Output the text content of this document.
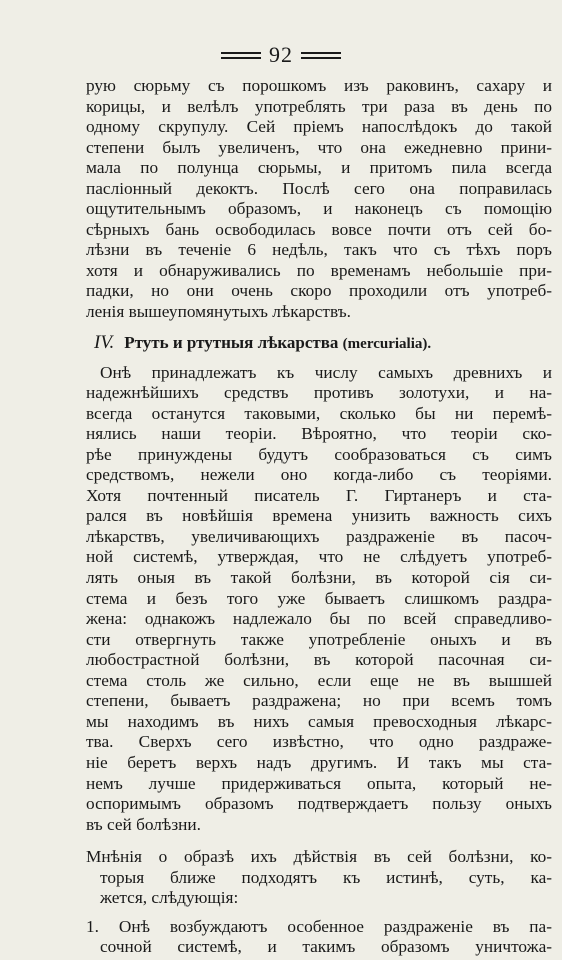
92
рую сюрьму съ порошкомъ изъ раковинъ, сахару и
корицы, и велѣлъ употреблять три раза въ день по
одному скрупулу. Сей пріемъ напослѣдокъ до такой
степени былъ увеличенъ, что она ежедневно прини-
мала по полунца сюрьмы, и притомъ пила всегда
пасліонный декоктъ. Послѣ сего она поправилась
ощутительнымъ образомъ, и наконецъ съ помощію
сѣрныхъ бань освободилась вовсе почти отъ сей бо-
лѣзни въ теченіе 6 недѣль, такъ что съ тѣхъ поръ
хотя и обнаруживались по временамъ небольшіе при-
падки, но они очень скоро проходили отъ употреб-
ленія вышеупомянутыхъ лѣкарствъ.
IV. Ртуть и ртутныя лѣкарства (mercurialia).
Онѣ принадлежатъ къ числу самыхъ древнихъ и
надежнѣйшихъ средствъ противъ золотухи, и на-
всегда останутся таковыми, сколько бы ни перемѣ-
нялись наши теоріи. Вѣроятно, что теоріи ско-
рѣе принуждены будутъ сообразоваться съ симъ
средствомъ, нежели оно когда-либо съ теоріями.
Хотя почтенный писатель Г. Гиртанеръ и ста-
рался въ новѣйшія времена унизить важность сихъ
лѣкарствъ, увеличивающихъ раздраженіе въ пасоч-
ной системѣ, утверждая, что не слѣдуетъ употреб-
лять оныя въ такой болѣзни, въ которой сія си-
стема и безъ того уже бываетъ слишкомъ раздра-
жена: однакожъ надлежало бы по всей справедливо-
сти отвергнуть также употребленіе оныхъ и въ
любострастной болѣзни, въ которой пасочная си-
стема столь же сильно, если еще не въ вышшей
степени, бываетъ раздражена; но при всемъ томъ
мы находимъ въ нихъ самыя превосходныя лѣкарс-
тва. Сверхъ сего извѣстно, что одно раздраже-
ніе беретъ верхъ надъ другимъ. И такъ мы ста-
немъ лучше придерживаться опыта, который не-
оспоримымъ образомъ подтверждаетъ пользу оныхъ
въ сей болѣзни.
Мнѣнія о образѣ ихъ дѣйствія въ сей болѣзни, ко-
торыя ближе подходятъ къ истинѣ, суть, ка-
жется, слѣдующія:
1. Онѣ возбуждаютъ особенное раздраженіе въ па-
сочной системѣ, и такимъ образомъ уничтожа-
